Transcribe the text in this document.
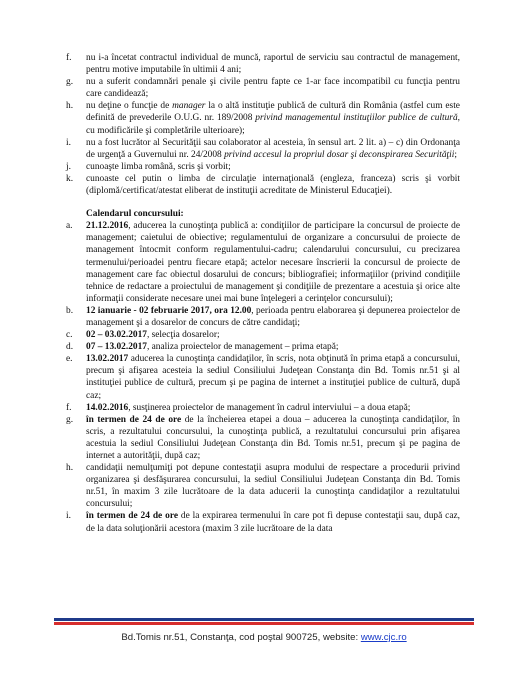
f.	nu i-a încetat contractul individual de muncă, raportul de serviciu sau contractul de management, pentru motive imputabile în ultimii 4 ani;
g.	nu a suferit condamnări penale şi civile pentru fapte ce 1-ar face incompatibil cu funcţia pentru care candidează;
h.	nu deţine o funcţie de manager la o altă instituţie publică de cultură din România (astfel cum este definită de prevederile O.U.G. nr. 189/2008 privind managementul instituţiilor publice de cultură, cu modificările şi completările ulterioare);
i.	nu a fost lucrător al Securităţii sau colaborator al acesteia, în sensul art. 2 lit. a) – c) din Ordonanţa de urgenţă a Guvernului nr. 24/2008 privind accesul la propriul dosar şi deconspirarea Securităţii;
j.	cunoaşte limba română, scris şi vorbit;
k.	cunoaste cel putin o limba de circulaţie internaţională (engleza, franceza) scris şi vorbit (diplomă/certificat/atestat eliberat de instituţii acreditate de Ministerul Educaţiei).
Calendarul concursului:
a.	21.12.2016, aducerea la cunoştinţa publică a: condiţiilor de participare la concursul de proiecte de management; caietului de obiective; regulamentului de organizare a concursului de proiecte de management întocmit conform regulamentului-cadru; calendarului concursului, cu precizarea termenului/perioadei pentru fiecare etapă; actelor necesare înscrierii la concursul de proiecte de management care fac obiectul dosarului de concurs; bibliografiei; informaţiilor (privind condiţiile tehnice de redactare a proiectului de management şi condiţiile de prezentare a acestuia şi orice alte informaţii considerate necesare unei mai bune înţelegeri a cerinţelor concursului);
b.	12 ianuarie - 02 februarie 2017, ora 12.00, perioada pentru elaborarea şi depunerea proiectelor de management şi a dosarelor de concurs de către candidaţi;
c.	02 – 03.02.2017, selecţia dosarelor;
d.	07 – 13.02.2017, analiza proiectelor de management – prima etapă;
e.	13.02.2017 aducerea la cunoştinţa candidaţilor, în scris, nota obţinută în prima etapă a concursului, precum şi afişarea acesteia la sediul Consiliului Judeţean Constanţa din Bd. Tomis nr.51 şi al instituţiei publice de cultură, precum şi pe pagina de internet a instituţiei publice de cultură, după caz;
f.	14.02.2016, susţinerea proiectelor de management în cadrul interviului – a doua etapă;
g.	în termen de 24 de ore de la încheierea etapei a doua – aducerea la cunoştinţa candidaţilor, în scris, a rezultatului concursului, la cunoştinţa publică, a rezultatului concursului prin afişarea acestuia la sediul Consiliului Judeţean Constanţa din Bd. Tomis nr.51, precum şi pe pagina de internet a autorităţii, după caz;
h.	candidaţii nemulţumiţi pot depune contestaţii asupra modului de respectare a procedurii privind organizarea şi desfăşurarea concursului, la sediul Consiliului Judeţean Constanţa din Bd. Tomis nr.51, în maxim 3 zile lucrătoare de la data aducerii la cunoştinţa candidaţilor a rezultatului concursului;
i.	în termen de 24 de ore de la expirarea termenului în care pot fi depuse contestaţii sau, după caz, de la data soluţionării acestora (maxim 3 zile lucrătoare de la data
Bd.Tomis nr.51, Constanţa, cod poştal 900725, website: www.cjc.ro
